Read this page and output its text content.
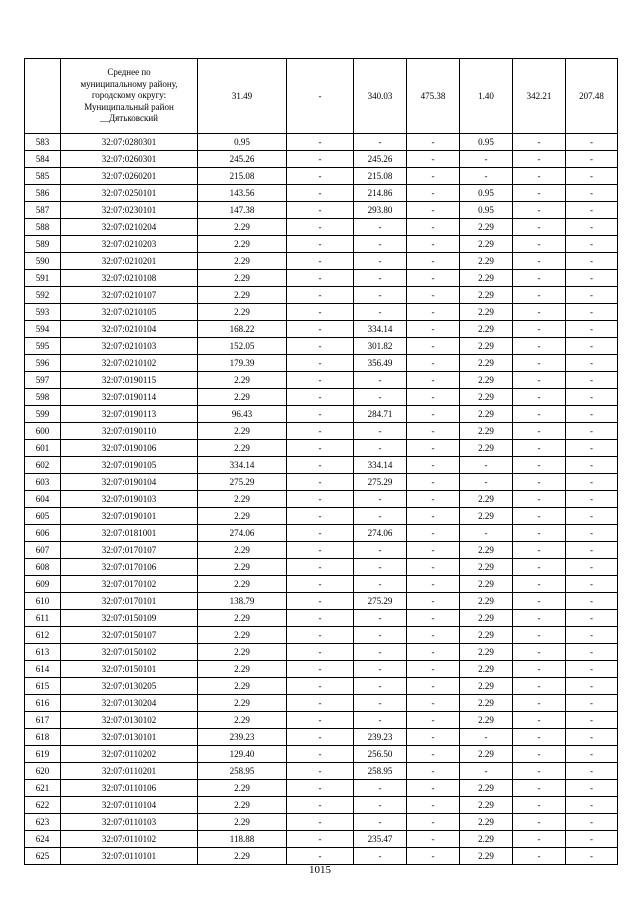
	Среднее по
муниципальному району,
городскому округу:
Муниципальный район
__Дятьковский	31.49	-	340.03	475.38	1.40	342.21	207.48
583	32:07:0280301	0.95	-	-	-	0.95	-	-
584	32:07:0260301	245.26	-	245.26	-	-	-	-
585	32:07:0260201	215.08	-	215.08	-	-	-	-
586	32:07:0250101	143.56	-	214.86	-	0.95	-	-
587	32:07:0230101	147.38	-	293.80	-	0.95	-	-
588	32:07:0210204	2.29	-	-	-	2.29	-	-
589	32:07:0210203	2.29	-	-	-	2.29	-	-
590	32:07:0210201	2.29	-	-	-	2.29	-	-
591	32:07:0210108	2.29	-	-	-	2.29	-	-
592	32:07:0210107	2.29	-	-	-	2.29	-	-
593	32:07:0210105	2.29	-	-	-	2.29	-	-
594	32:07:0210104	168.22	-	334.14	-	2.29	-	-
595	32:07:0210103	152.05	-	301.82	-	2.29	-	-
596	32:07:0210102	179.39	-	356.49	-	2.29	-	-
597	32:07:0190115	2.29	-	-	-	2.29	-	-
598	32:07:0190114	2.29	-	-	-	2.29	-	-
599	32:07:0190113	96.43	-	284.71	-	2.29	-	-
600	32:07:0190110	2.29	-	-	-	2.29	-	-
601	32:07:0190106	2.29	-	-	-	2.29	-	-
602	32:07:0190105	334.14	-	334.14	-	-	-	-
603	32:07:0190104	275.29	-	275.29	-	-	-	-
604	32:07:0190103	2.29	-	-	-	2.29	-	-
605	32:07:0190101	2.29	-	-	-	2.29	-	-
606	32:07:0181001	274.06	-	274.06	-	-	-	-
607	32:07:0170107	2.29	-	-	-	2.29	-	-
608	32:07:0170106	2.29	-	-	-	2.29	-	-
609	32:07:0170102	2.29	-	-	-	2.29	-	-
610	32:07:0170101	138.79	-	275.29	-	2.29	-	-
611	32:07:0150109	2.29	-	-	-	2.29	-	-
612	32:07:0150107	2.29	-	-	-	2.29	-	-
613	32:07:0150102	2.29	-	-	-	2.29	-	-
614	32:07:0150101	2.29	-	-	-	2.29	-	-
615	32:07:0130205	2.29	-	-	-	2.29	-	-
616	32:07:0130204	2.29	-	-	-	2.29	-	-
617	32:07:0130102	2.29	-	-	-	2.29	-	-
618	32:07:0130101	239.23	-	239.23	-	-	-	-
619	32:07:0110202	129.40	-	256.50	-	2.29	-	-
620	32:07:0110201	258.95	-	258.95	-	-	-	-
621	32:07:0110106	2.29	-	-	-	2.29	-	-
622	32:07:0110104	2.29	-	-	-	2.29	-	-
623	32:07:0110103	2.29	-	-	-	2.29	-	-
624	32:07:0110102	118.88	-	235.47	-	2.29	-	-
625	32:07:0110101	2.29	-	-	-	2.29	-	-
1015
